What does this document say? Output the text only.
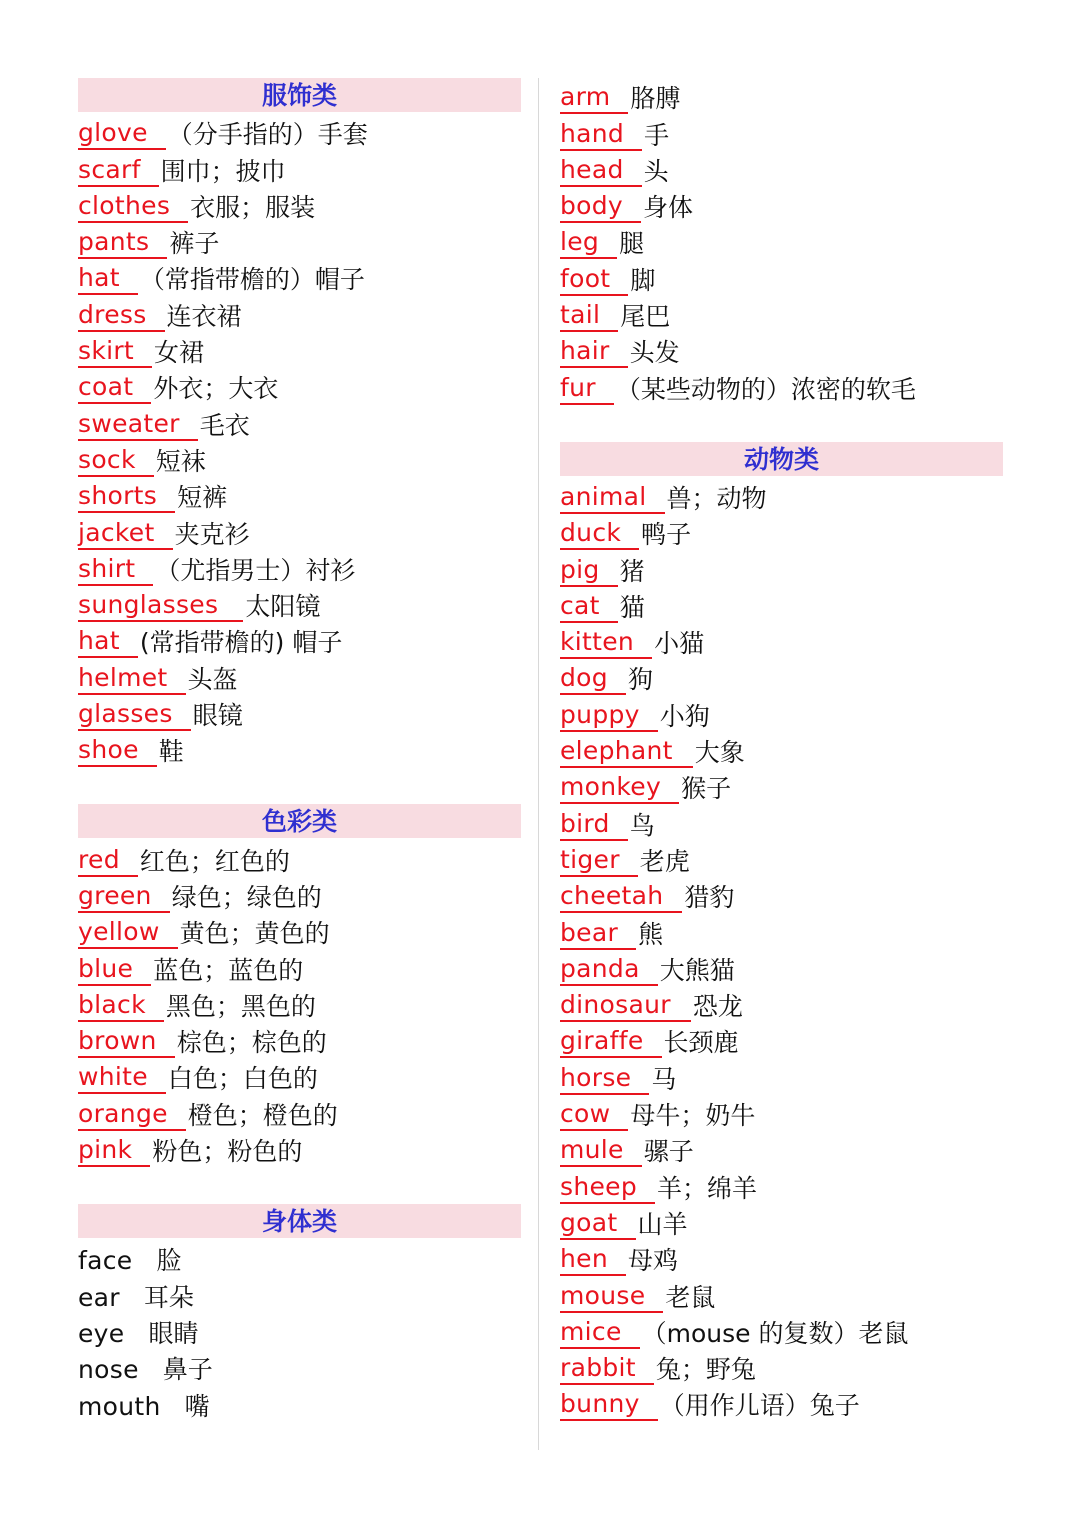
服饰类
glove （分手指的）手套
scarf 围巾；披巾
clothes 衣服；服装
pants 裤子
hat （常指带檐的）帽子
dress 连衣裙
skirt 女裙
coat 外衣；大衣
sweater 毛衣
sock 短袜
shorts 短裤
jacket 夹克衫
shirt （尤指男士）衬衫
sunglasses	太阳镜
hat (常指带檐的) 帽子
helmet 头盔
glasses 眼镜
shoe 鞋
色彩类
red 红色；红色的
green 绿色；绿色的
yellow 黄色；黄色的
blue 蓝色；蓝色的
black 黑色；黑色的
brown 棕色；棕色的
white 白色；白色的
orange 橙色；橙色的
pink 粉色；粉色的
身体类
face 脸
ear 耳朵
eye 眼睛
nose 鼻子
mouth 嘴
arm 胳膊
hand 手
head 头
body 身体
leg 腿
foot 脚
tail 尾巴
hair 头发
fur （某些动物的）浓密的软毛
动物类
animal 兽；动物
duck 鸭子
pig 猪
cat 猫
kitten 小猫
dog 狗
puppy 小狗
elephant 大象
monkey 猴子
bird 鸟
tiger 老虎
cheetah 猎豹
bear 熊
panda 大熊猫
dinosaur 恐龙
giraffe 长颈鹿
horse 马
cow 母牛；奶牛
mule 骡子
sheep 羊；绵羊
goat 山羊
hen 母鸡
mouse 老鼠
mice （mouse 的复数）老鼠
rabbit 兔；野兔
bunny （用作儿语）兔子
